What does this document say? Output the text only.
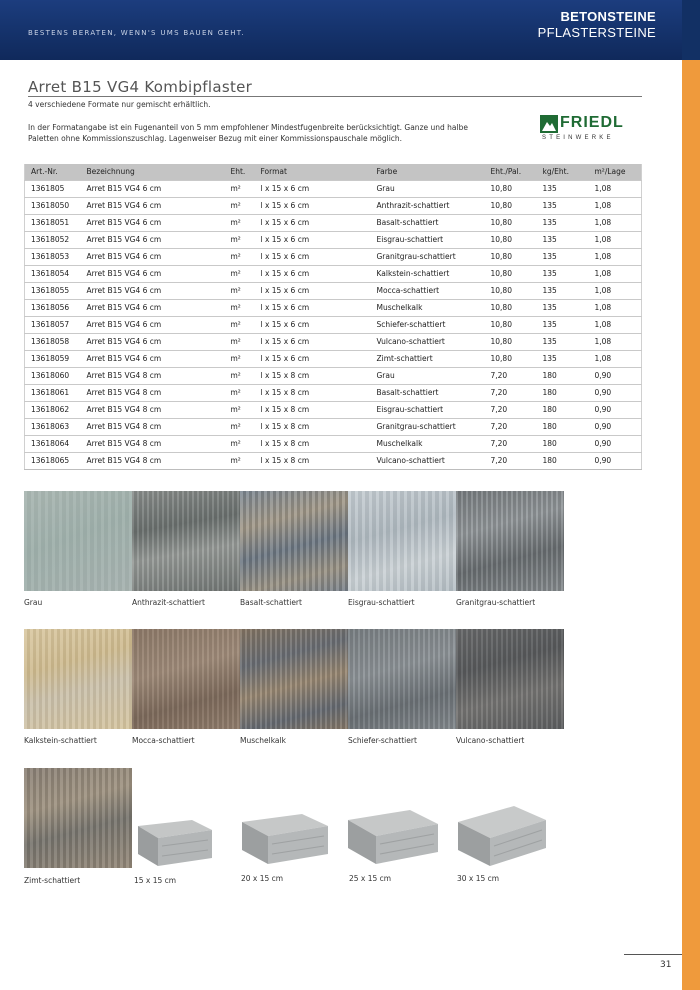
BESTENS BERATEN, WENN'S UMS BAUEN GEHT.
BETONSTEINE
PFLASTERSTEINE
Arret B15 VG4 Kombipflaster
4 verschiedene Formate nur gemischt erhältlich.
In der Formatangabe ist ein Fugenanteil von 5 mm empfohlener Mindestfugenbreite berücksichtigt. Ganze und halbe
Paletten ohne Kommissionszuschlag. Lagenweiser Bezug mit einer Kommissionspauschale möglich.
FRIEDL
STEINWERKE
Art.-Nr.	Bezeichnung	Eht.	Format	Farbe	Eht./Pal.	kg/Eht.	m²/Lage
1361805	Arret B15 VG4 6 cm	m²	l x 15 x 6 cm	Grau	10,80	135	1,08
13618050	Arret B15 VG4 6 cm	m²	l x 15 x 6 cm	Anthrazit-schattiert	10,80	135	1,08
13618051	Arret B15 VG4 6 cm	m²	l x 15 x 6 cm	Basalt-schattiert	10,80	135	1,08
13618052	Arret B15 VG4 6 cm	m²	l x 15 x 6 cm	Eisgrau-schattiert	10,80	135	1,08
13618053	Arret B15 VG4 6 cm	m²	l x 15 x 6 cm	Granitgrau-schattiert	10,80	135	1,08
13618054	Arret B15 VG4 6 cm	m²	l x 15 x 6 cm	Kalkstein-schattiert	10,80	135	1,08
13618055	Arret B15 VG4 6 cm	m²	l x 15 x 6 cm	Mocca-schattiert	10,80	135	1,08
13618056	Arret B15 VG4 6 cm	m²	l x 15 x 6 cm	Muschelkalk	10,80	135	1,08
13618057	Arret B15 VG4 6 cm	m²	l x 15 x 6 cm	Schiefer-schattiert	10,80	135	1,08
13618058	Arret B15 VG4 6 cm	m²	l x 15 x 6 cm	Vulcano-schattiert	10,80	135	1,08
13618059	Arret B15 VG4 6 cm	m²	l x 15 x 6 cm	Zimt-schattiert	10,80	135	1,08
13618060	Arret B15 VG4 8 cm	m²	l x 15 x 8 cm	Grau	7,20	180	0,90
13618061	Arret B15 VG4 8 cm	m²	l x 15 x 8 cm	Basalt-schattiert	7,20	180	0,90
13618062	Arret B15 VG4 8 cm	m²	l x 15 x 8 cm	Eisgrau-schattiert	7,20	180	0,90
13618063	Arret B15 VG4 8 cm	m²	l x 15 x 8 cm	Granitgrau-schattiert	7,20	180	0,90
13618064	Arret B15 VG4 8 cm	m²	l x 15 x 8 cm	Muschelkalk	7,20	180	0,90
13618065	Arret B15 VG4 8 cm	m²	l x 15 x 8 cm	Vulcano-schattiert	7,20	180	0,90
Grau	Anthrazit-schattiert	Basalt-schattiert	Eisgrau-schattiert	Granitgrau-schattiert
Kalkstein-schattiert	Mocca-schattiert	Muschelkalk	Schiefer-schattiert	Vulcano-schattiert
Zimt-schattiert	15 x 15 cm	20 x 15 cm	25 x 15 cm	30 x 15 cm
31
